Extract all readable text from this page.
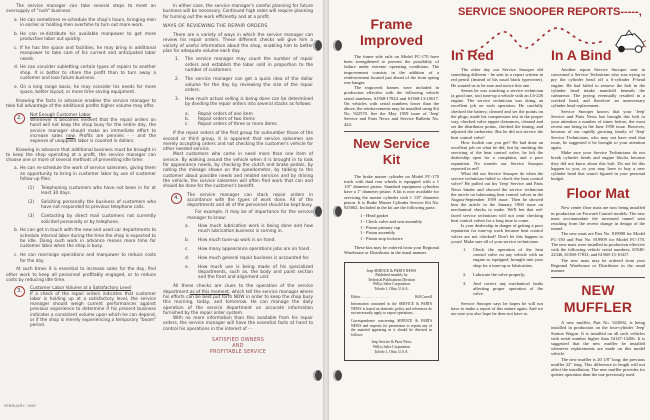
The service manager can take several steps to meet an oversupply of "rush" business:

a. He can sometimes re-schedule the shop's hours, bringing men in earlier or holding men overtime to turn out more work.
b. He can re-distribute his available manpower to get more productive labor out quickly.
c. If he has the space and facilities, he may bring in additional manpower to take care of his current and anticipated labor needs.
d. He can consider subletting certain types of repairs to another shop. It is better to share the profit than to turn away a customer and lose future business.
e. On a long range basis, he may consider his needs for more space, better layout, or more time saving equipment.

Knowing the facts in advance enables the service manager to take full advantage of the additional profits higher volume may offer.

2.	Not Enough Customer Labor
Whenever it becomes evident that the repair orders on hand will not keep the shop busy for the entire day, the service manager should make an immediate effort to increase sales now. Profits are pennies - - and the expense of unapplied labor is counted in dollars.

Knowing in advance that additional business must be brought in to keep the shop operating at a profit, the service manager can choose one or more of several methods of preventing idle time:

a. He can re-schedule the work of service salesmen, giving them an opportunity to bring in customer labor by use of customer follow up files:
(1)	Telephoning customers who have not been in for at least 30 days.
(2)	Soliciting personally the business of customers who have not responded to previous telephone calls.
(3)	Contacting by direct mail customers not currently solicited personally or by telephone.
b. He can get in touch with the new and used car departments to schedule internal labor during the time the shop is expected to be idle. Doing such work in advance means more time for customer labor when the shop is busy.
c. He can rearrange operations and manpower to reduce costs for the day.

At such times it is essential to increase sales for the day, find other work to keep all personnel profitably engaged, or to reduce costs by reducing idle time.

3.	Customer Labor Volume at a Satisfactory Level
If a check of the repair orders indicates that customer labor is holding up at a satisfactory level, the service manager should weigh current performances against previous experience to determine if his present business indicates a consistent volume upon which he can depend, or if the shop is merely experiencing a temporary "boom" period.
FEBRUARY, 1960

In either case, the service manager's careful planning for future business will be necessary. Continued high sales will require planning for turning out the work efficiently and at a profit.

WAYS OF REVIEWING THE REPAIR ORDERS

There are a variety of ways in which the service manager can review his repair orders. These different checks will give him a variety of useful information about the shop, enabling him to better plan for adequate volume each day.

1.	The service manager may count the number of repair orders and establish the labor sold in proportion to the number of customers.
2.	The service manager can get a quick idea of the dollar volume for the day by reviewing the size of the repair orders.
3.	How much actual selling is being done can be determined by dividing the repair orders into several stacks as follows:
a.	Repair orders of one item
b.	Repair orders of two items
c.	Repair orders of three or more items.

If the repair orders of the first group far outnumber those of the second or third group, it is apparent that service salesmen are merely accepting orders and not checking the customer's vehicle for other needed service.

Most customers who come in need more than one item of service. By walking around the vehicle when it is brought in to look for appearance needs, by checking the clutch and brake pedals, by noting the mileage shown on the speedometer, by talking to the customer about possible needs and related services and by driving the vehicle, the service salesmen will often find work that can and should be done for the customer's benefit.

4.	The service manager can stack repair orders in accordance with the types of work done. All of the departments and all of the personnel should be kept busy.
For example, it may be of importance for the service manager to know:
a.	How much lubrication work is being done and how much lubrication business is coming in.
b.	How much tune-up work is on hand.
c.	How many appearance operations jobs are on hand.
d.	How much general repair business is accounted for.
e.	How much use is being made of his specialized departments, such as, the body and paint section and the front and alignment unit.

All these checks are clues to the operation of the service department as of this moment, which tell the service manager where his efforts can be best put forth NOW in order to keep the shop busy this morning, today, and tomorrow. He can manage the daily operation of the service department on accurate information furnished by the repair order system.

With no more information than this available from his repair orders, the service manager will have the essential facts at hand to control his operations in the interest of - -

SATISFIED OWNERS
AND
PROFITABLE SERVICE
Frame Improved

The frame side rails on Model FC-170 have been strengthened to prevent the possibility of failure under extreme operating conditions. The improvement consists in the addition of a reinforcement located just ahead of the front spring rear hanger.

The improved frames were included in production effective with the following vehicle serial numbers; 61568-17824 and 61568-13-10617. On vehicles with serial numbers lower than the above, the reinforcements may be installed using Kit No. 922570. See the May 1959 issue of 'Jeep' Service and Parts News and Service Bulletin No. 424.

New Service Kit

The brake master cylinder on Model FC-170 truck with dual rear wheels is equipped with a 1 1/8" diameter piston. Standard equipment cylinders have a 1" diameter piston. A kit is now available for servicing the master cylinder with 1 1/8" diameter piston. It is Brake Master Cylinder Service Kit No. 925002. Included in the kit are the following parts:

1 - Head gasket
1 - Check valve and seat assembly
1 - Piston primary cup
1 - Piston assembly
1 - Piston stop lockwire

These kits may be ordered from your Regional Warehouse or Distributor in the usual manner.

Jeep SERVICE & PARTS NEWS
Published monthly by
Technical Publications Division
Willys Sales Corporation
Toledo 1, Ohio, U.S.A.
Editor . . . . . . . . . . . . . . .	Bill Carroll

Information contained in the SERVICE & PARTS NEWS is based on domestic policy and references do not necessarily apply to export operations.

Correspondence concerning SERVICE & PARTS NEWS and requests for permission to reprint any of the material appearing in it should be directed as follows:

Jeep Service & Parts News
Willys Sales Corporation
Toledo 1, Ohio, U.S.A.
SERVICE SNOOPER REPORTS-----,
In Red

The other day our Service Snooper did something different - he sent in a report written in red pencil (instead of his usual black typewriter). He wanted us to be sure and notice this one.

Seems he was watching a service technician (a good one, too) tune-up a vehicle with an L6-226 engine. The service technician was doing an excellent job on each operation. He carefully checked the battery, cleaned and set the points on the plugs, made his compression test in the proper way, checked valve tappet clearances, cleaned and set the distributor points, checked the timing, and adjusted the carburetor. But he did not service the heat control valve!

How foolish can you get? He had done an excellent job on what he did, but by omitting the servicing of the heat control valve, he left the dealership open for a complaint, and a poor reputation. No wonder our Service Snooper reported in red!

What did our Service Snooper do when the service technician failed to check the heat control valve? He pulled out his 'Jeep' Service and Parts News binder and showed the service technician the article on lubricating heat control valves in the August-September 1959 issue. Then he showed him the article in the January 1960 issue on mechanical checks to make. We'll bet that red-faced service technician will not omit checking heat control valves for a long time to come.

Is your dealership in danger of getting a poor reputation for tune-up work because heat control valves are not checked? Don't let this happen to yours! Make sure all of your service technicians:

1.	Check the operation of the heat control valve on any vehicle with an engine so equipped, brought into your shop for a tune-up or lubrication;
2.	Lubricate the valve properly;
3.	And correct any mechanical faults affecting proper operation of the valve.

Service Snooper says he hopes he will not have to make a report of this nature again. And we are sure you also hope he does not have to.

In A Bind

Another report Service Snooper sent in concerned a Service Technician who was trying to pry the cylinder head off a 6-cylinder F-head engine. He had failed to remove the bolt in the cylinder head intake manifold beneath the carburetor. The prying eventually resulted in a cracked head, and therefore an unnecessary cylinder head replacement.

Service Snooper knows that your 'Jeep' Service and Parts News has brought this bolt to your attention a number of times before, the most recent one being in the June 1958 issue. However, because of our rapidly growing family of 'Jeep' Service Technicians, who may not have read that issue, he suggested it be brought to your attention again.

Make sure your Service Technicians do not break cylinder heads and engine blocks because they did not know about this bolt. Do not let this happen to you, or you may have to buy a new cylinder head that wasn't figured in your personal budget.

Floor Mat

New center floor mats are now being installed in production on Forward Control models. The new mats accommodate the increased tunnel area resulting from the recent change in design of the tunnel.

The new mats are Part No. 819908 for Model FC-150 and Part No. 819909 for Model FC-170. The new mats were installed in production effective with the following vehicle serial numbers; 65548-22346, 61568-17832, and 61568-13-10417.

The new mats may be ordered from your Regional Warehouse or Distributor in the usual manner.

NEW MUFFLER

A new muffler, Part No. 922692, is being installed in production on the four-cylinder 'Jeep' Station Wagon. It is installed on all such vehicles with serial number higher than 54147-13266. It is suggested that the new muffler be installed whenever replacements are made on this model vehicle.

The new muffler is 20 1/8" long; the previous muffler 22" long. This difference in length will not affect the installation. The new muffler provides for quieter operation than the one previously used.
